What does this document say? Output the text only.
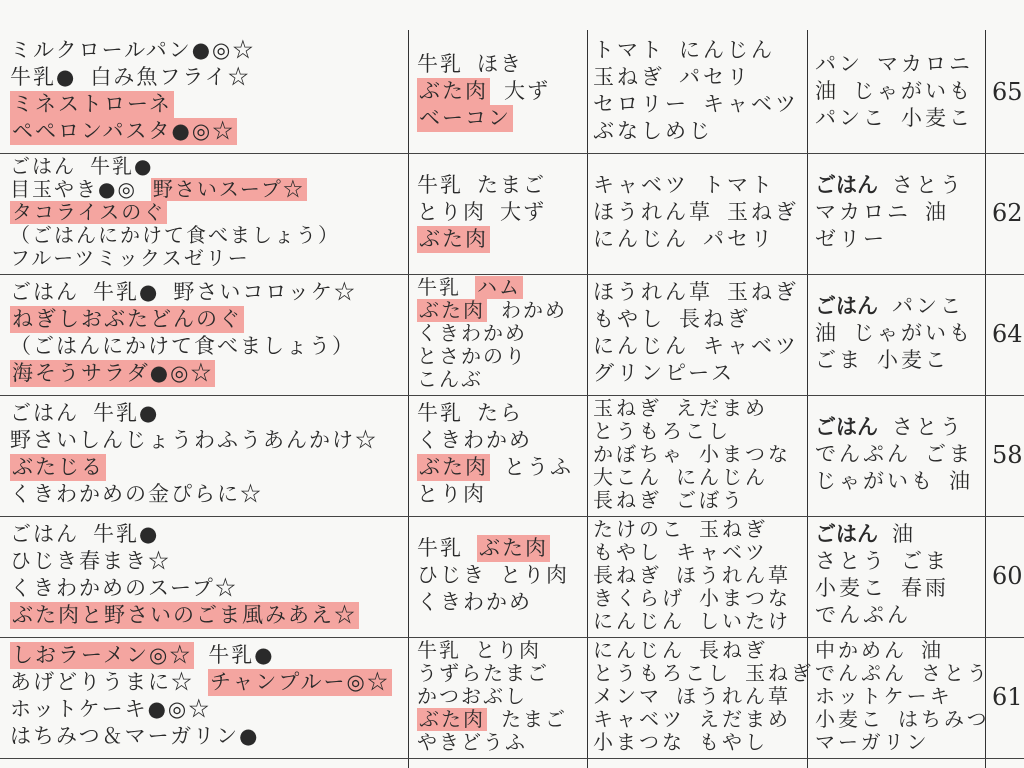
ミルクロールパン●◎☆
牛乳● 白み魚フライ☆
ミネストローネ
ペペロンパスタ●◎☆
牛乳 ほき
ぶた肉 大ず
ベーコン
トマト にんじん
玉ねぎ パセリ
セロリー キャベツ
ぶなしめじ
パン マカロニ
油 じゃがいも
パンこ 小麦こ
65
ごはん 牛乳●
目玉やき●◎ 野さいスープ☆
タコライスのぐ
（ごはんにかけて食べましょう）
フルーツミックスゼリー
牛乳 たまご
とり肉 大ず
ぶた肉
キャベツ トマト
ほうれん草 玉ねぎ
にんじん パセリ
ごはん さとう
マカロニ 油
ゼリー
62
ごはん 牛乳● 野さいコロッケ☆
ねぎしおぶたどんのぐ
（ごはんにかけて食べましょう）
海そうサラダ●◎☆
牛乳 ハム
ぶた肉 わかめ
くきわかめ
とさかのり
こんぶ
ほうれん草 玉ねぎ
もやし 長ねぎ
にんじん キャベツ
グリンピース
ごはん パンこ
油 じゃがいも
ごま 小麦こ
64
ごはん 牛乳●
野さいしんじょうわふうあんかけ☆
ぶたじる
くきわかめの金ぴらに☆
牛乳 たら
くきわかめ
ぶた肉 とうふ
とり肉
玉ねぎ えだまめ
とうもろこし
かぼちゃ 小まつな
大こん にんじん
長ねぎ ごぼう
ごはん さとう
でんぷん ごま
じゃがいも 油
58
ごはん 牛乳●
ひじき春まき☆
くきわかめのスープ☆
ぶた肉と野さいのごま風みあえ☆
牛乳 ぶた肉
ひじき とり肉
くきわかめ
たけのこ 玉ねぎ
もやし キャベツ
長ねぎ ほうれん草
きくらげ 小まつな
にんじん しいたけ
ごはん 油
さとう ごま
小麦こ 春雨
でんぷん
60
しおラーメン◎☆ 牛乳●
あげどりうまに☆ チャンプルー◎☆
ホットケーキ●◎☆
はちみつ＆マーガリン●
牛乳 とり肉
うずらたまご
かつおぶし
ぶた肉 たまご
やきどうふ
にんじん 長ねぎ
とうもろこし 玉ねぎ
メンマ ほうれん草
キャベツ えだまめ
小まつな もやし
中かめん 油
でんぷん さとう
ホットケーキ
小麦こ はちみつ
マーガリン
61
